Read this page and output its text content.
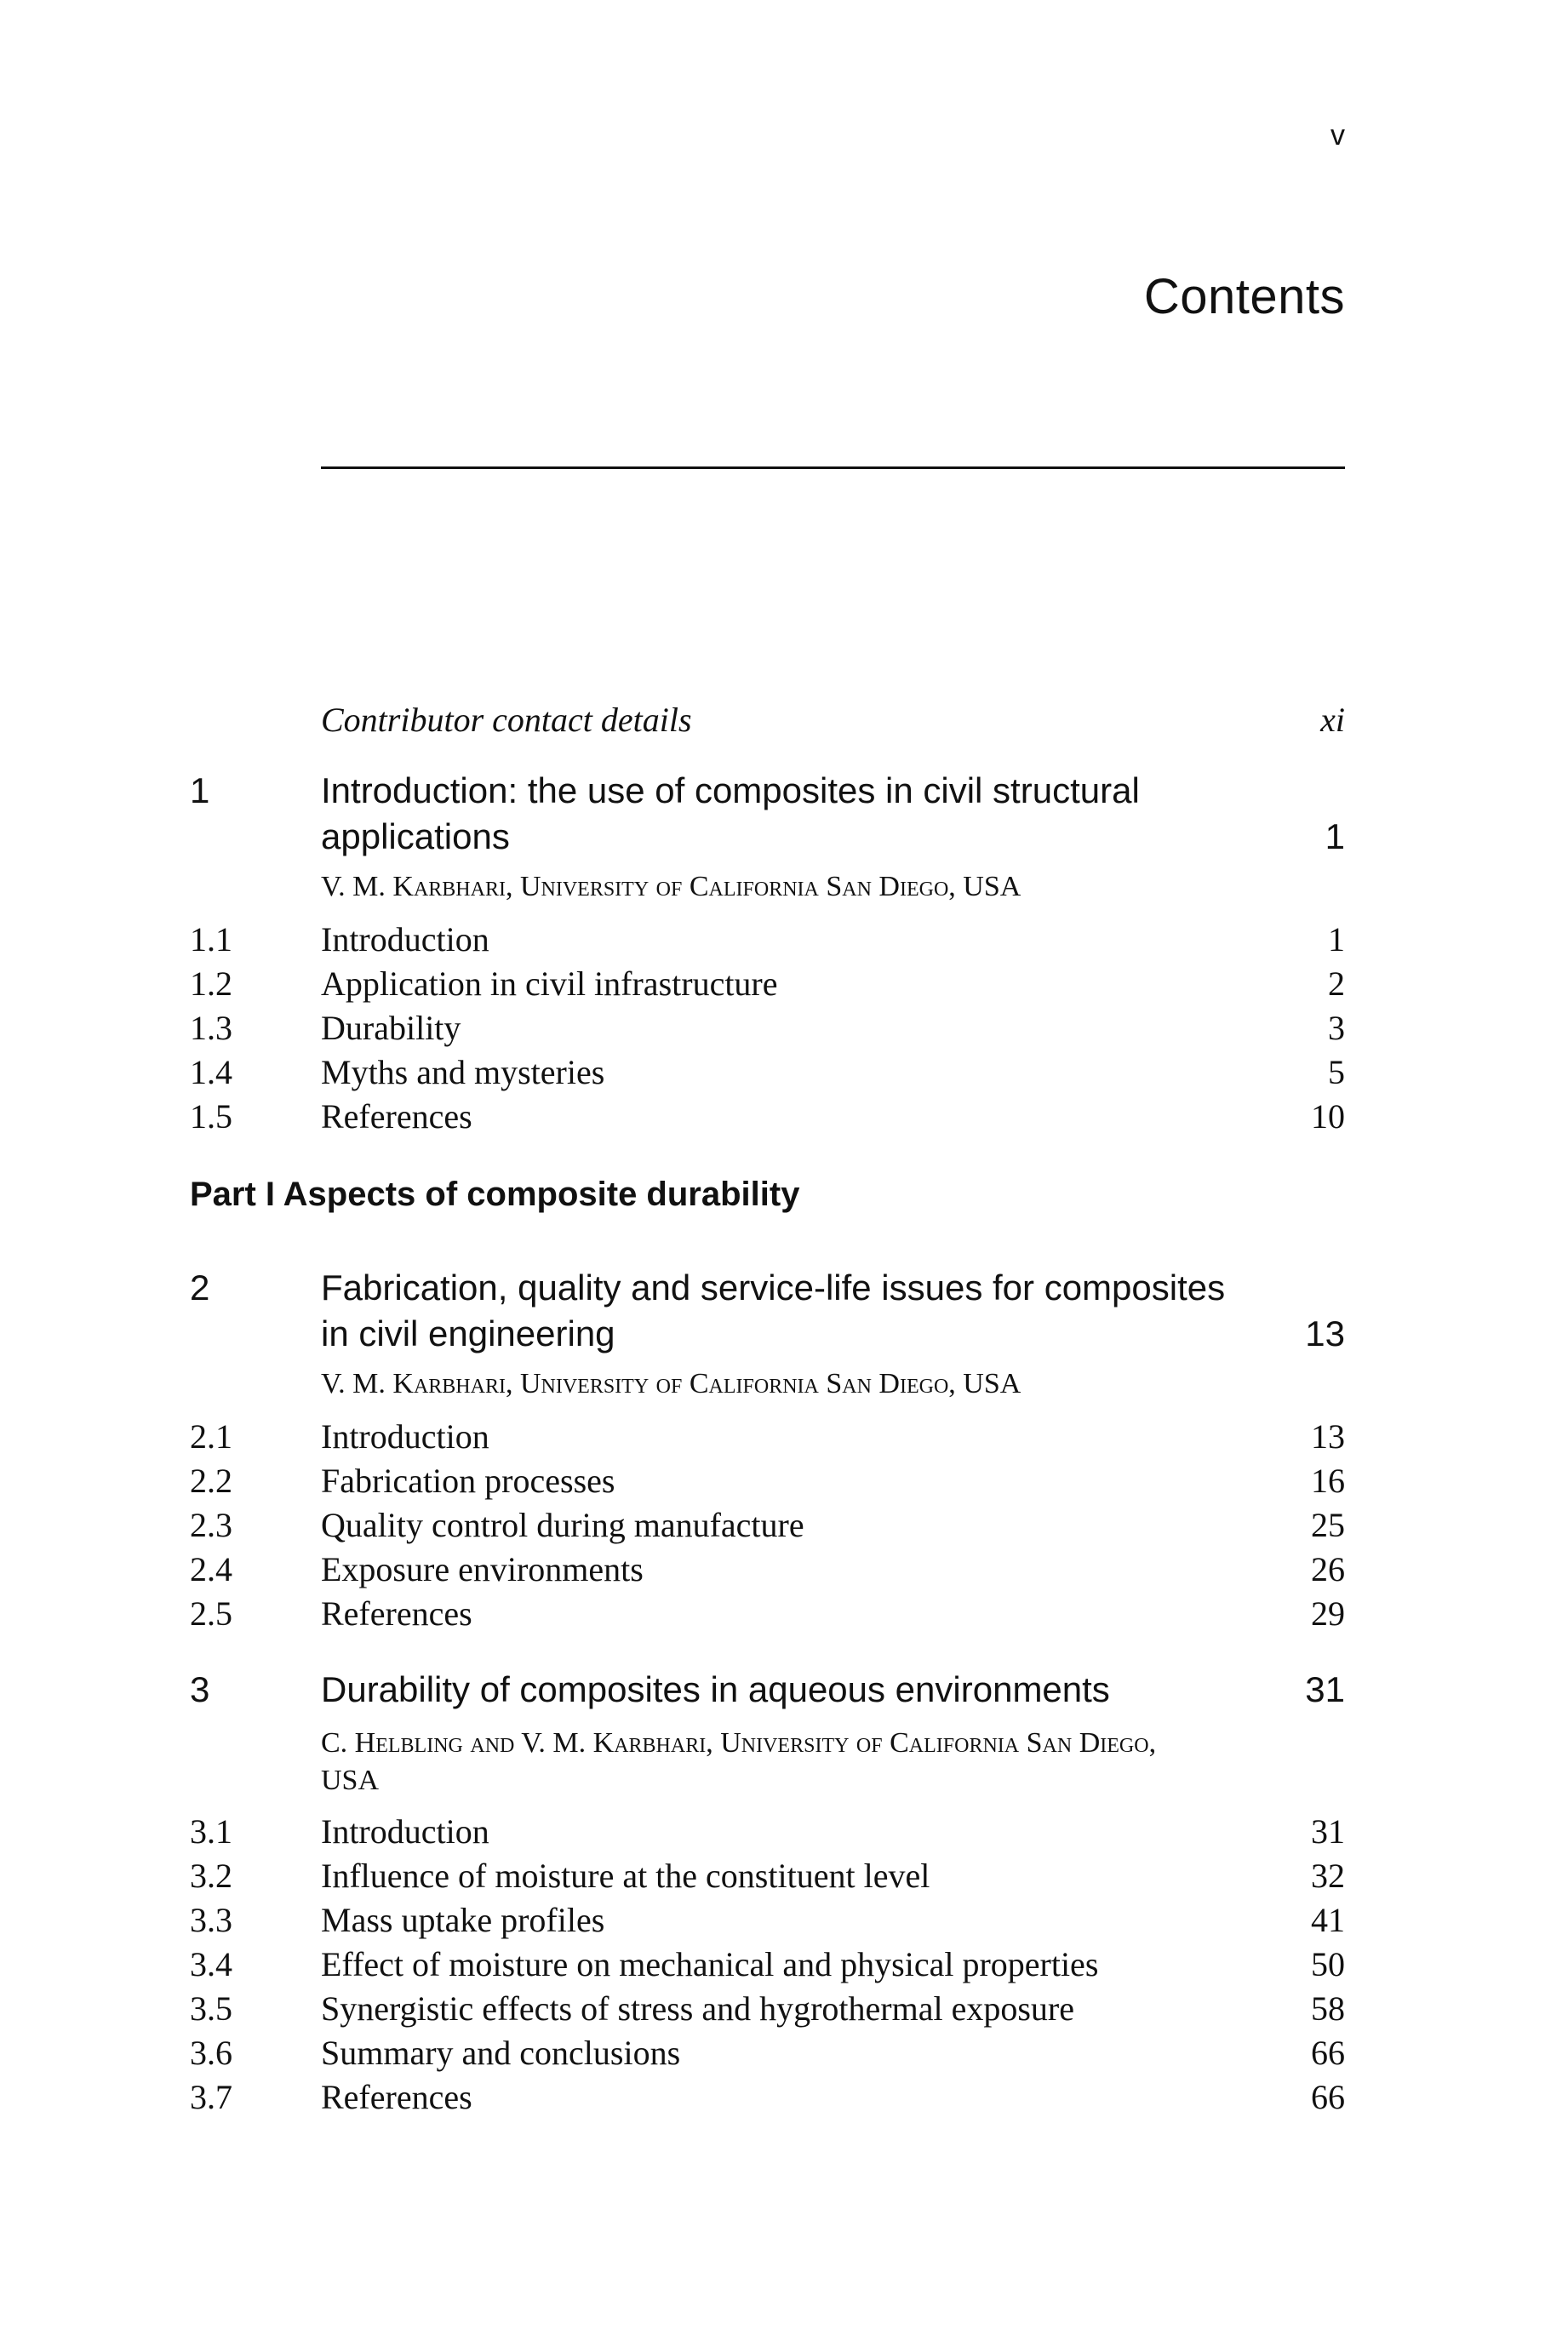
v
Contents
Contributor contact details	xi
1	Introduction: the use of composites in civil structural applications	1
V. M. Karbhari, University of California San Diego, USA
1.1	Introduction	1
1.2	Application in civil infrastructure	2
1.3	Durability	3
1.4	Myths and mysteries	5
1.5	References	10
Part I Aspects of composite durability
2	Fabrication, quality and service-life issues for composites in civil engineering	13
V. M. Karbhari, University of California San Diego, USA
2.1	Introduction	13
2.2	Fabrication processes	16
2.3	Quality control during manufacture	25
2.4	Exposure environments	26
2.5	References	29
3	Durability of composites in aqueous environments	31
C. Helbling and V. M. Karbhari, University of California San Diego, USA
3.1	Introduction	31
3.2	Influence of moisture at the constituent level	32
3.3	Mass uptake profiles	41
3.4	Effect of moisture on mechanical and physical properties	50
3.5	Synergistic effects of stress and hygrothermal exposure	58
3.6	Summary and conclusions	66
3.7	References	66
